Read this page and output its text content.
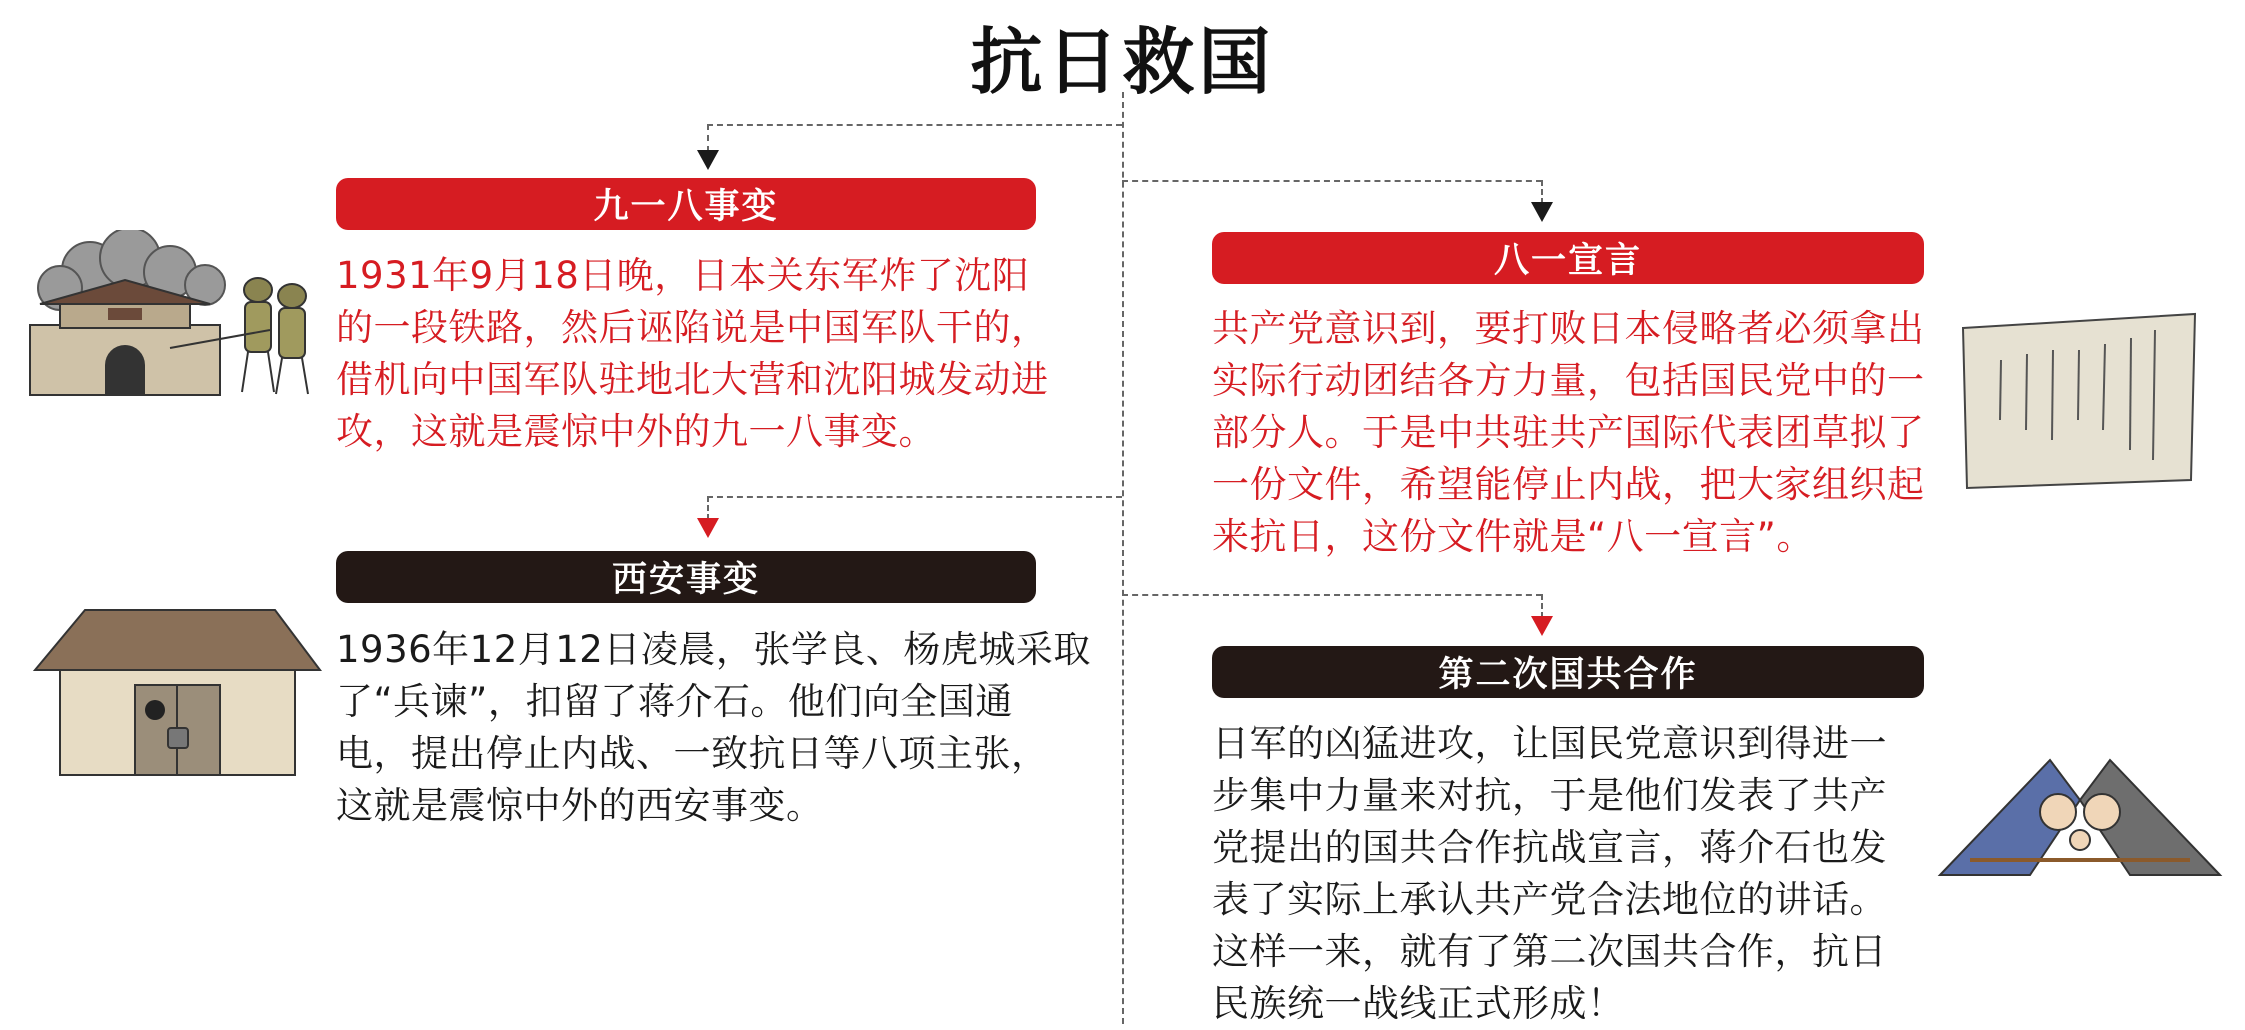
抗日救国
九一八事变
1931年9月18日晚，日本关东军炸了沈阳
的一段铁路，然后诬陷说是中国军队干的，
借机向中国军队驻地北大营和沈阳城发动进
攻，这就是震惊中外的九一八事变。
八一宣言
共产党意识到，要打败日本侵略者必须拿出
实际行动团结各方力量，包括国民党中的一
部分人。于是中共驻共产国际代表团草拟了
一份文件，希望能停止内战，把大家组织起
来抗日，这份文件就是“八一宣言”。
西安事变
1936年12月12日凌晨，张学良、杨虎城采取
了“兵谏”，扣留了蒋介石。他们向全国通
电，提出停止内战、一致抗日等八项主张，
这就是震惊中外的西安事变。
第二次国共合作
日军的凶猛进攻，让国民党意识到得进一
步集中力量来对抗，于是他们发表了共产
党提出的国共合作抗战宣言，蒋介石也发
表了实际上承认共产党合法地位的讲话。
这样一来，就有了第二次国共合作，抗日
民族统一战线正式形成！
